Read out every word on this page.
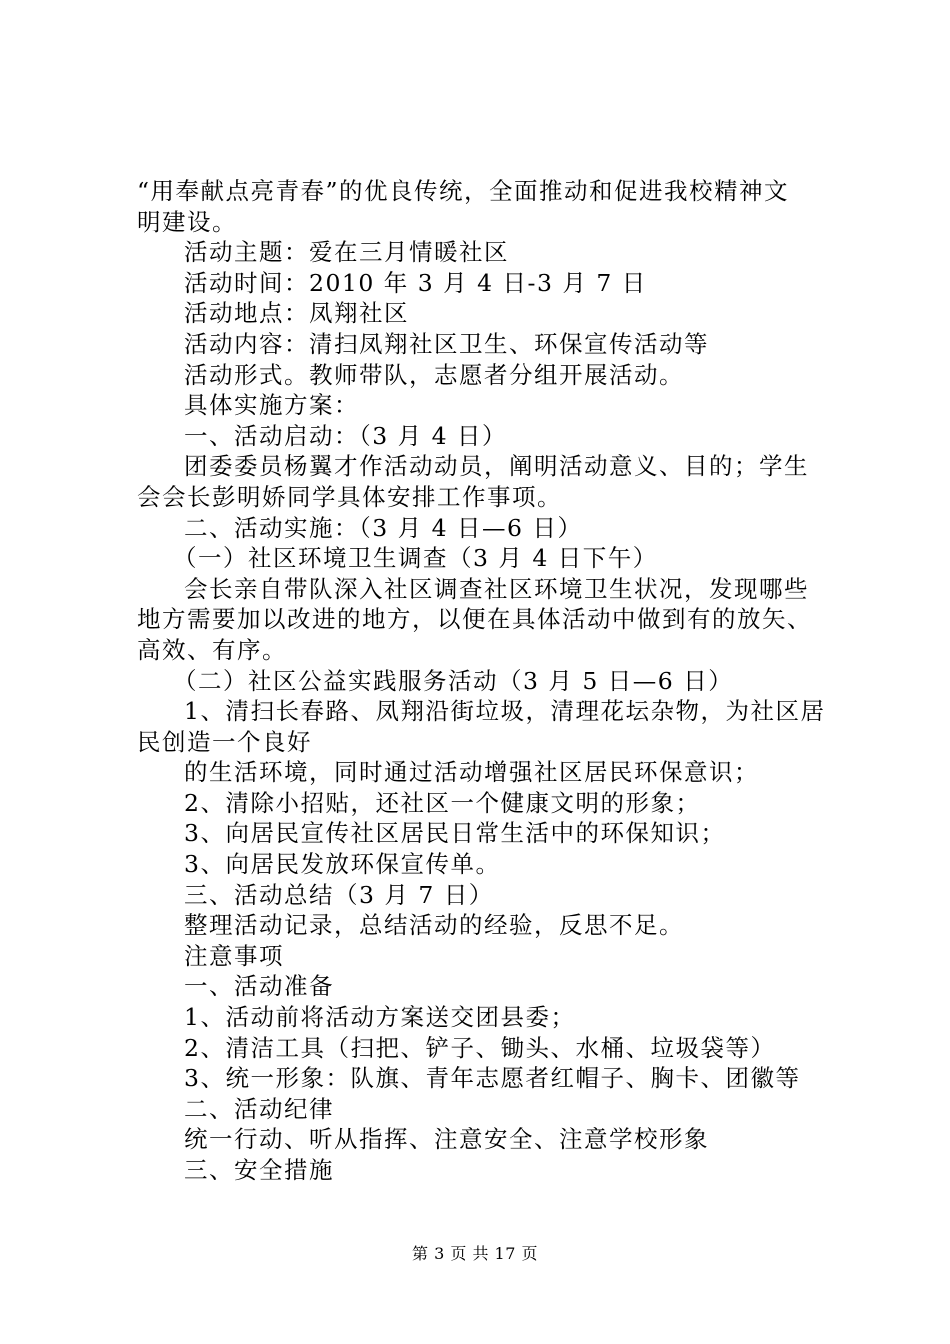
“用奉献点亮青春”的优良传统，全面推动和促进我校精神文
明建设。
活动主题：爱在三月情暖社区
活动时间：2010 年 3 月 4 日-3 月 7 日
活动地点：凤翔社区
活动内容：清扫凤翔社区卫生、环保宣传活动等
活动形式。教师带队，志愿者分组开展活动。
具体实施方案：
一、活动启动：（3 月 4 日）
团委委员杨翼才作活动动员，阐明活动意义、目的；学生
会会长彭明娇同学具体安排工作事项。
二、活动实施：（3 月 4 日—6 日）
（一）社区环境卫生调查（3 月 4 日下午）
会长亲自带队深入社区调查社区环境卫生状况，发现哪些
地方需要加以改进的地方，以便在具体活动中做到有的放矢、
高效、有序。
（二）社区公益实践服务活动（3 月 5 日—6 日）
1、清扫长春路、凤翔沿街垃圾，清理花坛杂物，为社区居
民创造一个良好
的生活环境，同时通过活动增强社区居民环保意识；
2、清除小招贴，还社区一个健康文明的形象；
3、向居民宣传社区居民日常生活中的环保知识；
3、向居民发放环保宣传单。
三、活动总结（3 月 7 日）
整理活动记录，总结活动的经验，反思不足。
注意事项
一、活动准备
1、活动前将活动方案送交团县委；
2、清洁工具（扫把、铲子、锄头、水桶、垃圾袋等）
3、统一形象：队旗、青年志愿者红帽子、胸卡、团徽等
二、活动纪律
统一行动、听从指挥、注意安全、注意学校形象
三、安全措施
第 3 页 共 17 页
